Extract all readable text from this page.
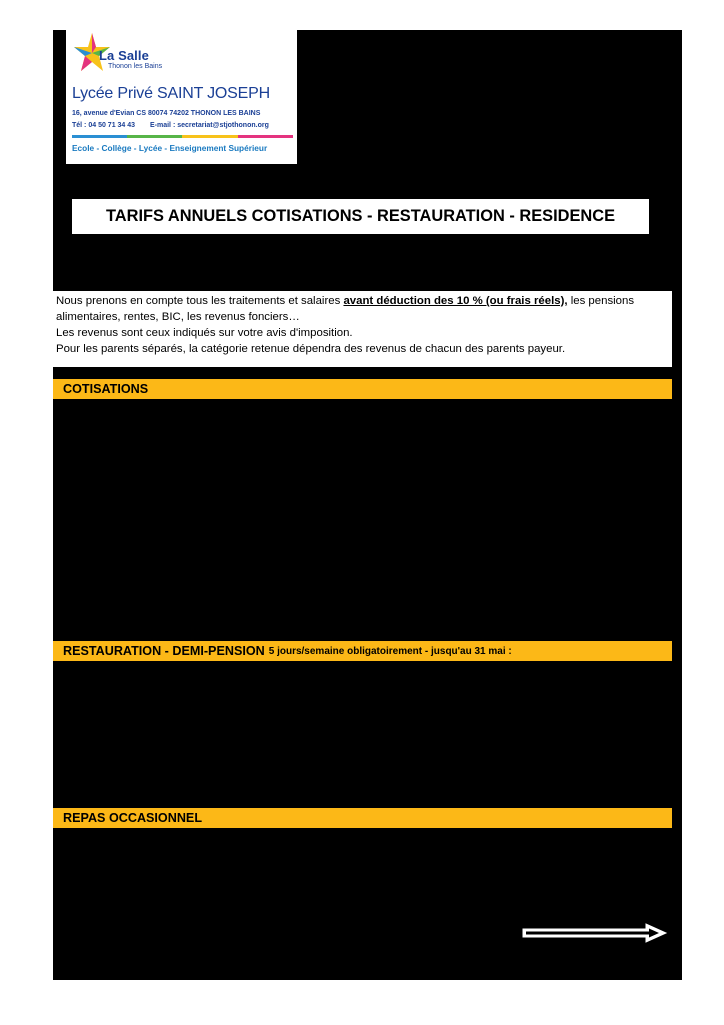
La Salle
Thonon les Bains
Lycée Privé SAINT JOSEPH
16, avenue d'Evian CS 80074 74202 THONON LES BAINS
Tél : 04 50 71 34 43 E-mail : secretariat@stjothonon.org
Ecole - Collège - Lycée - Enseignement Supérieur
TARIFS ANNUELS COTISATIONS - RESTAURATION - RESIDENCE

Nous prenons en compte tous les traitements et salaires avant déduction des 10 % (ou frais réels), les pensions alimentaires, rentes, BIC, les revenus fonciers…

Les revenus sont ceux indiqués sur votre avis d'imposition.

Pour les parents séparés, la catégorie retenue dépendra des revenus de chacun des parents payeur.

COTISATIONS
RESTAURATION - DEMI-PENSION 5 jours/semaine obligatoirement - jusqu'au 31 mai :
REPAS OCCASIONNEL
